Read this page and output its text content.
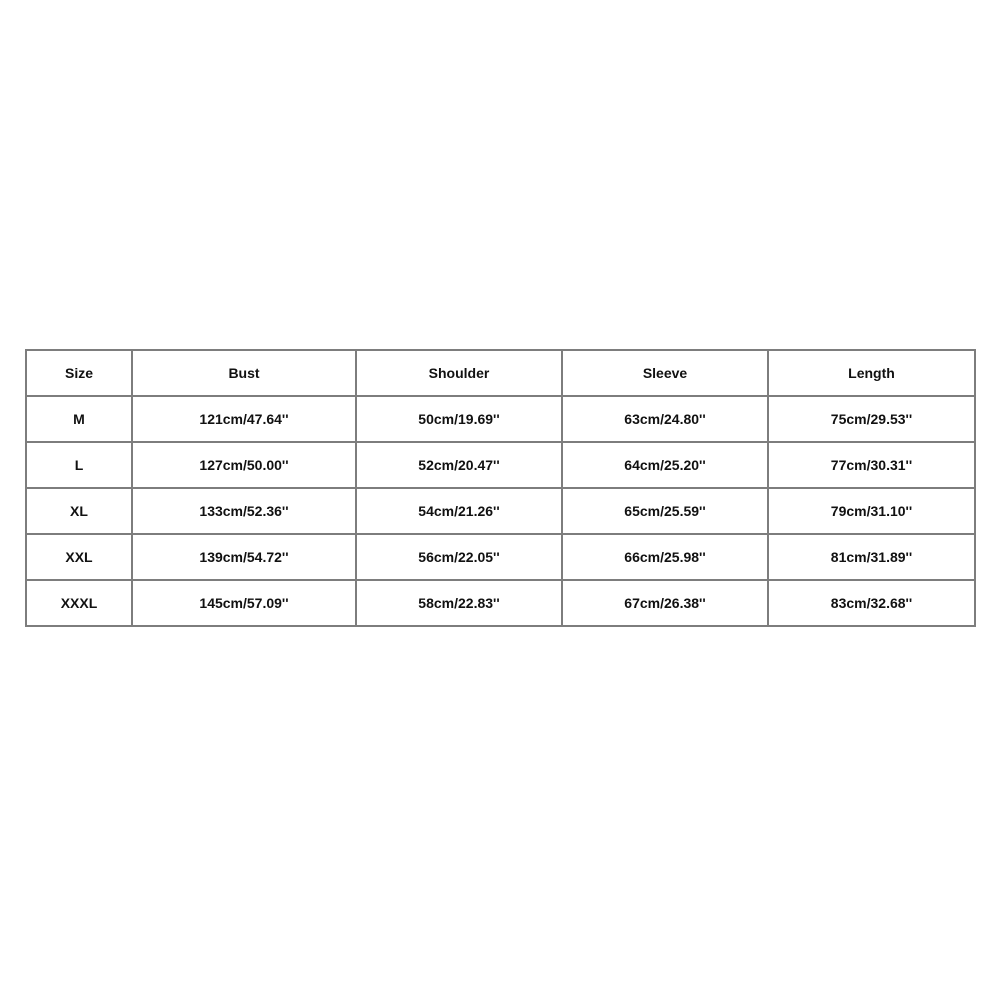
Size	Bust	Shoulder	Sleeve	Length
M	121cm/47.64''	50cm/19.69''	63cm/24.80''	75cm/29.53''
L	127cm/50.00''	52cm/20.47''	64cm/25.20''	77cm/30.31''
XL	133cm/52.36''	54cm/21.26''	65cm/25.59''	79cm/31.10''
XXL	139cm/54.72''	56cm/22.05''	66cm/25.98''	81cm/31.89''
XXXL	145cm/57.09''	58cm/22.83''	67cm/26.38''	83cm/32.68''
